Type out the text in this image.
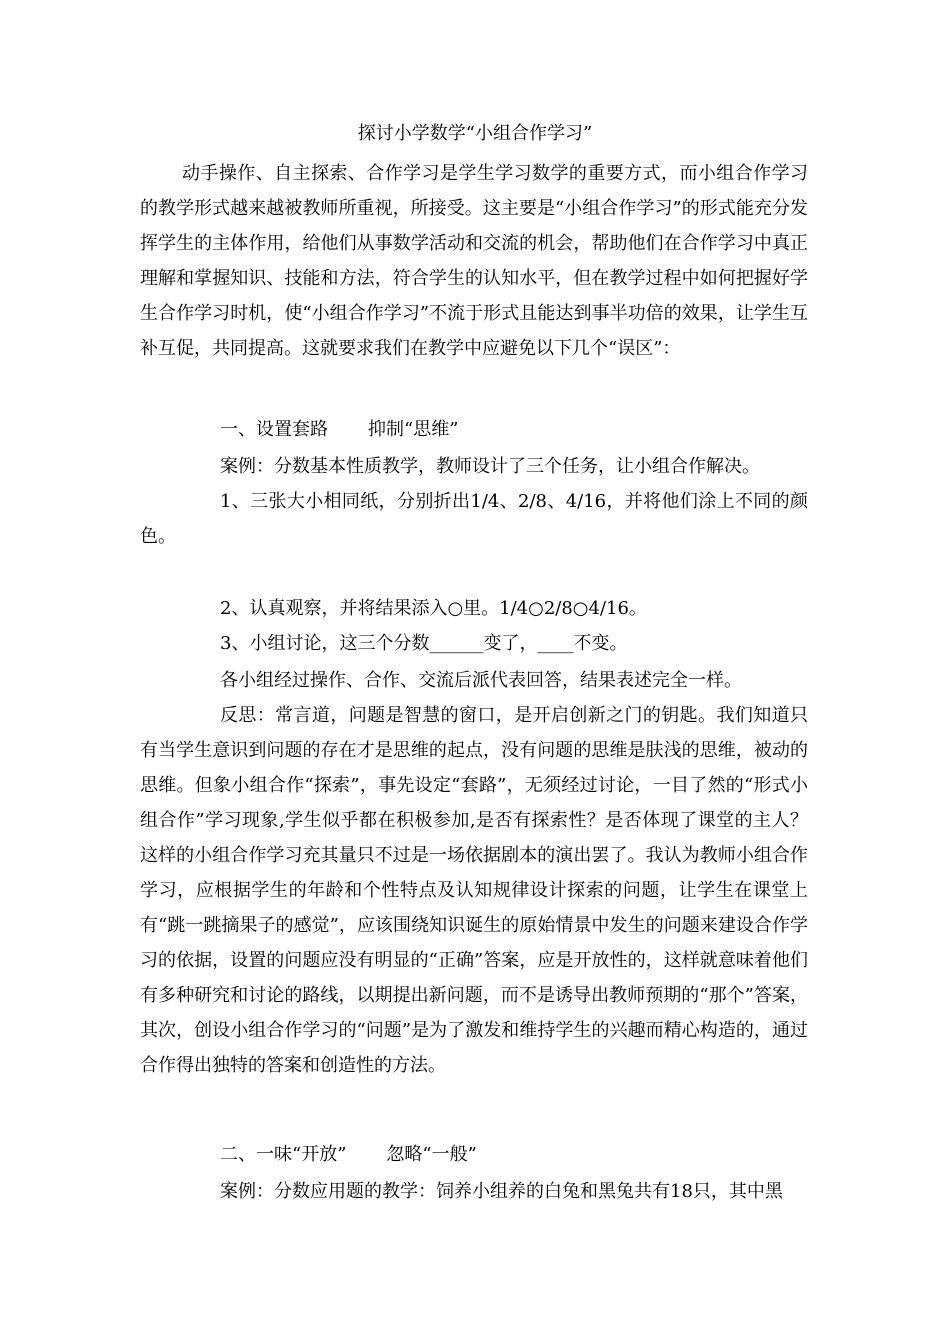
探讨小学数学“小组合作学习”
动手操作、自主探索、合作学习是学生学习数学的重要方式，而小组合作学习的教学形式越来越被教师所重视，所接受。这主要是“小组合作学习”的形式能充分发挥学生的主体作用，给他们从事数学活动和交流的机会，帮助他们在合作学习中真正理解和掌握知识、技能和方法，符合学生的认知水平，但在教学过程中如何把握好学生合作学习时机，使“小组合作学习”不流于形式且能达到事半功倍的效果，让学生互补互促，共同提高。这就要求我们在教学中应避免以下几个“误区”：
一、设置套路 抑制“思维”
案例：分数基本性质教学，教师设计了三个任务，让小组合作解决。
1、三张大小相同纸，分别折出1/4、2/8、4/16，并将他们涂上不同的颜色。
2、认真观察，并将结果添入○里。1/4○2/8○4/16。
3、小组讨论，这三个分数______变了，____不变。
各小组经过操作、合作、交流后派代表回答，结果表述完全一样。
反思：常言道，问题是智慧的窗口，是开启创新之门的钥匙。我们知道只有当学生意识到问题的存在才是思维的起点，没有问题的思维是肤浅的思维，被动的思维。但象小组合作“探索”，事先设定“套路”，无须经过讨论，一目了然的“形式小组合作”学习现象,学生似乎都在积极参加,是否有探索性？是否体现了课堂的主人？这样的小组合作学习充其量只不过是一场依据剧本的演出罢了。我认为教师小组合作学习，应根据学生的年龄和个性特点及认知规律设计探索的问题，让学生在课堂上有“跳一跳摘果子的感觉”，应该围绕知识诞生的原始情景中发生的问题来建设合作学习的依据，设置的问题应没有明显的“正确”答案，应是开放性的，这样就意味着他们有多种研究和讨论的路线，以期提出新问题，而不是诱导出教师预期的“那个”答案，其次，创设小组合作学习的“问题”是为了激发和维持学生的兴趣而精心构造的，通过合作得出独特的答案和创造性的方法。
二、一味“开放” 忽略“一般”
案例：分数应用题的教学：饲养小组养的白兔和黑兔共有18只，其中黑
